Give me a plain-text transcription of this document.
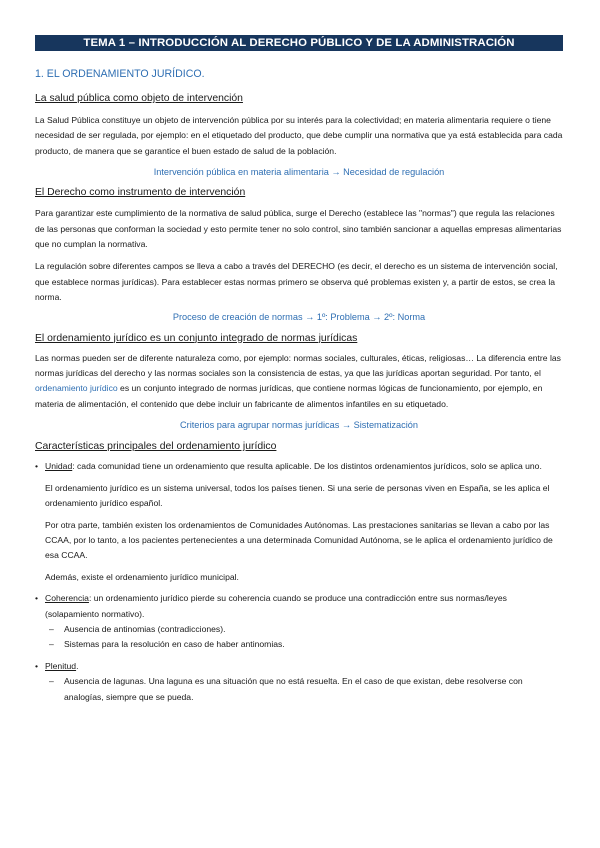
TEMA 1 – INTRODUCCIÓN AL DERECHO PÚBLICO Y DE LA ADMINISTRACIÓN
1. EL ORDENAMIENTO JURÍDICO.
La salud pública como objeto de intervención

La Salud Pública constituye un objeto de intervención pública por su interés para la colectividad; en materia alimentaria requiere o tiene necesidad de ser regulada, por ejemplo: en el etiquetado del producto, que debe cumplir una normativa que ya está establecida para cada producto, de manera que se garantice el buen estado de salud de la población.

Intervención pública en materia alimentaria → Necesidad de regulación
El Derecho como instrumento de intervención

Para garantizar este cumplimiento de la normativa de salud pública, surge el Derecho (establece las "normas") que regula las relaciones de las personas que conforman la sociedad y esto permite tener no solo control, sino también sancionar a aquellas empresas alimentarias que no cumplan la normativa.

La regulación sobre diferentes campos se lleva a cabo a través del DERECHO (es decir, el derecho es un sistema de intervención social, que establece normas jurídicas). Para establecer estas normas primero se observa qué problemas existen y, a partir de estos, se crea la norma.

Proceso de creación de normas → 1º: Problema → 2º: Norma
El ordenamiento jurídico es un conjunto integrado de normas jurídicas

Las normas pueden ser de diferente naturaleza como, por ejemplo: normas sociales, culturales, éticas, religiosas… La diferencia entre las normas jurídicas del derecho y las normas sociales son la consistencia de estas, ya que las jurídicas aportan seguridad. Por tanto, el ordenamiento jurídico es un conjunto integrado de normas jurídicas, que contiene normas lógicas de funcionamiento, por ejemplo, en materia de alimentación, el contenido que debe incluir un fabricante de alimentos infantiles en su etiquetado.

Criterios para agrupar normas jurídicas → Sistematización
Características principales del ordenamiento jurídico
• Unidad: cada comunidad tiene un ordenamiento que resulta aplicable. De los distintos ordenamientos jurídicos, solo se aplica uno.

El ordenamiento jurídico es un sistema universal, todos los países tienen. Si una serie de personas viven en España, se les aplica el ordenamiento jurídico español.

Por otra parte, también existen los ordenamientos de Comunidades Autónomas. Las prestaciones sanitarias se llevan a cabo por las CCAA, por lo tanto, a los pacientes pertenecientes a una determinada Comunidad Autónoma, se le aplica el ordenamiento jurídico de esa CCAA.

Además, existe el ordenamiento jurídico municipal.

• Coherencia: un ordenamiento jurídico pierde su coherencia cuando se produce una contradicción entre sus normas/leyes (solapamiento normativo).
– Ausencia de antinomias (contradicciones).
– Sistemas para la resolución en caso de haber antinomias.
• Plenitud.
– Ausencia de lagunas. Una laguna es una situación que no está resuelta. En el caso de que existan, debe resolverse con analogías, siempre que se pueda.
